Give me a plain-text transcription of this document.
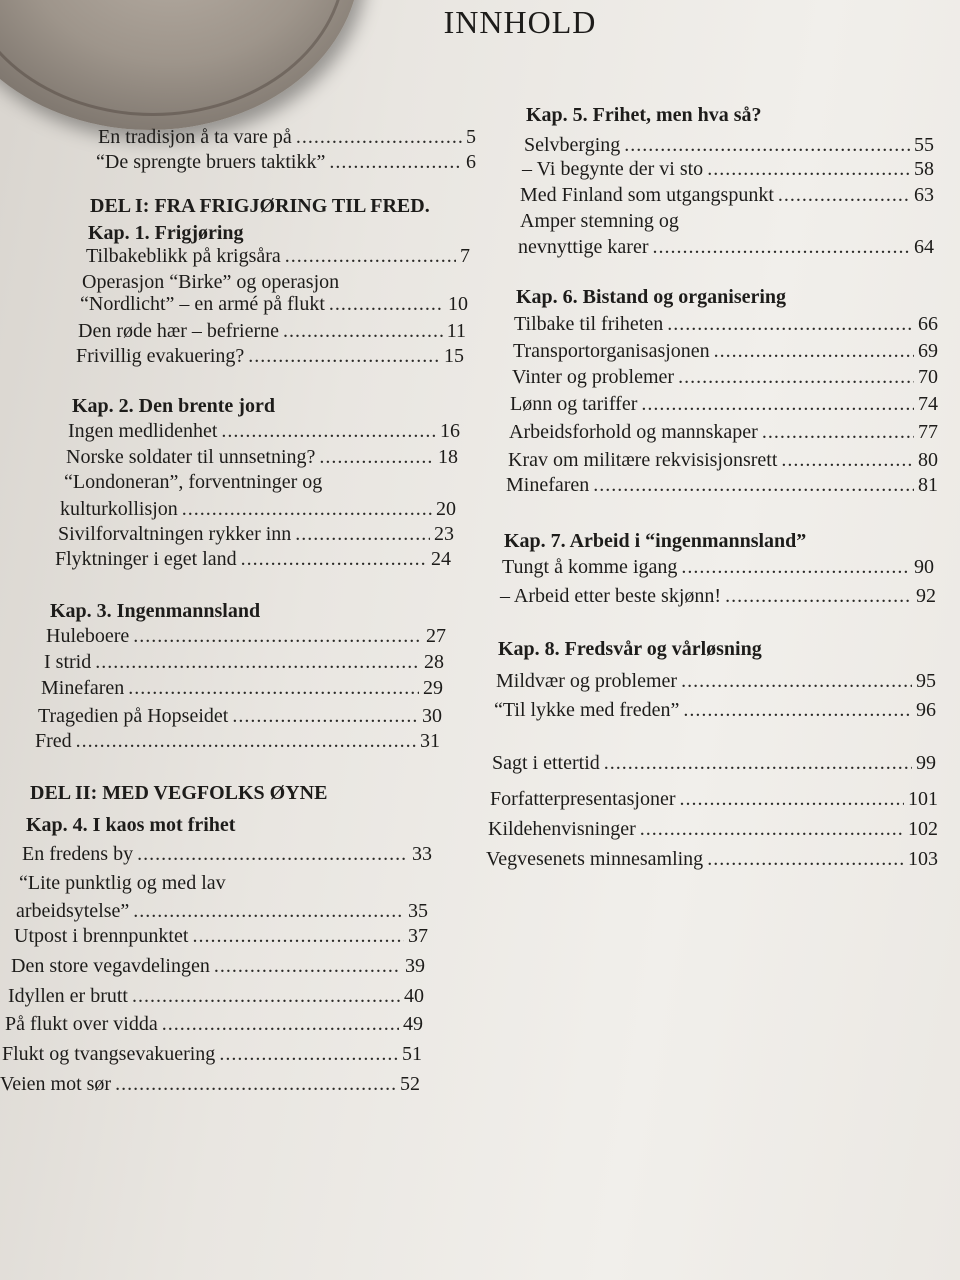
INNHOLD
En tradisjon å ta vare på .....	5
“De sprengte bruers taktikk” .....	6
DEL I: FRA FRIGJØRING TIL FRED.
Kap. 1. Frigjøring
Tilbakeblikk på krigsåra .....	7
Operasjon “Birke” og operasjon
“Nordlicht” – en armé på flukt .....	10
Den røde hær – befrierne .....	11
Frivillig evakuering? .....	15
Kap. 2. Den brente jord
Ingen medlidenhet .....	16
Norske soldater til unnsetning? .....	18
“Londoneran”, forventninger og
kulturkollisjon .....	20
Sivilforvaltningen rykker inn .....	23
Flyktninger i eget land .....	24
Kap. 3. Ingenmannsland
Huleboere .....	27
I strid .....	28
Minefaren .....	29
Tragedien på Hopseidet .....	30
Fred .....	31
DEL II: MED VEGFOLKS ØYNE
Kap. 4. I kaos mot frihet
En fredens by .....	33
“Lite punktlig og med lav
arbeidsytelse” .....	35
Utpost i brennpunktet .....	37
Den store vegavdelingen .....	39
Idyllen er brutt .....	40
På flukt over vidda .....	49
Flukt og tvangsevakuering .....	51
Veien mot sør .....	52
Kap. 5. Frihet, men hva så?
Selvberging .....	55
– Vi begynte der vi sto .....	58
Med Finland som utgangspunkt .....	63
Amper stemning og
nevnyttige karer .....	64
Kap. 6. Bistand og organisering
Tilbake til friheten .....	66
Transportorganisasjonen .....	69
Vinter og problemer .....	70
Lønn og tariffer .....	74
Arbeidsforhold og mannskaper .....	77
Krav om militære rekvisisjonsrett .....	80
Minefaren .....	81
Kap. 7. Arbeid i “ingenmannsland”
Tungt å komme igang .....	90
– Arbeid etter beste skjønn! .....	92
Kap. 8. Fredsvår og vårløsning
Mildvær og problemer .....	95
“Til lykke med freden” .....	96
Sagt i ettertid .....	99
Forfatterpresentasjoner .....	101
Kildehenvisninger .....	102
Vegvesenets minnesamling .....	103
